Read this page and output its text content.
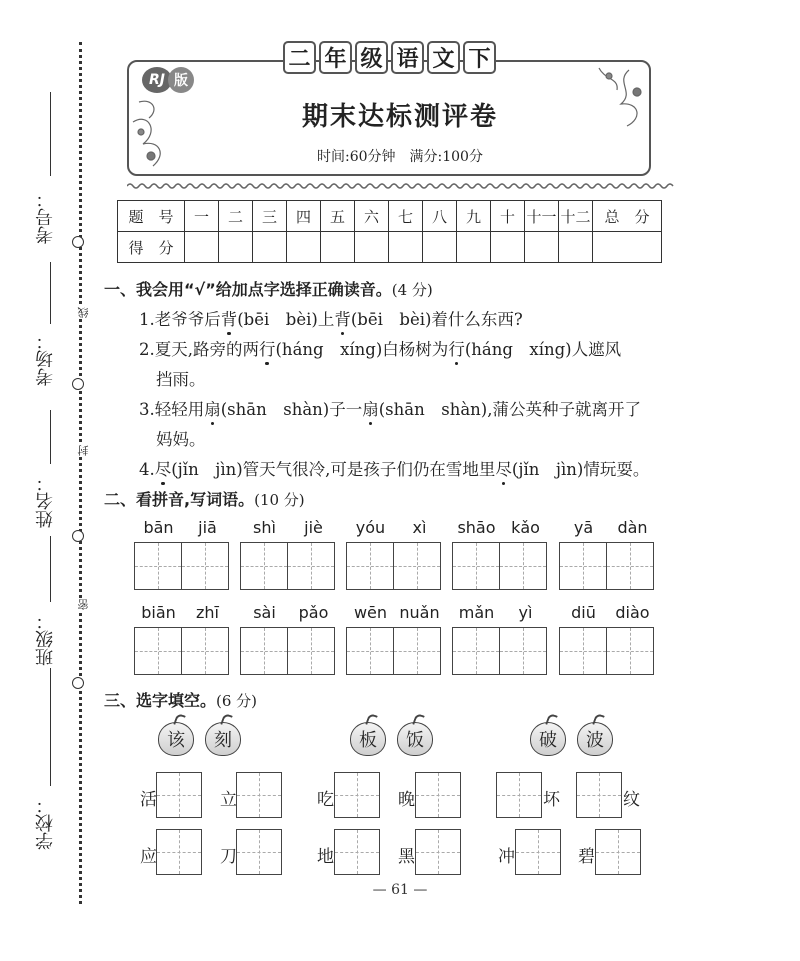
线
封
密
考号：
考场：
姓名：
班级：
学校：
二 年 级 语 文 下
RJ 版
期末达标测评卷
时间:60分钟　满分:100分
题　号	一	二	三	四	五	六	七	八	九	十	十一	十二	总　分
得　分													
一、我会用“√”给加点字选择正确读音。(4 分)
1.老爷爷后背(bēi　bèi)上背(bēi　bèi)着什么东西?
2.夏天,路旁的两行(háng　xíng)白杨树为行(háng　xíng)人遮风
挡雨。
3.轻轻用扇(shān　shàn)子一扇(shān　shàn),蒲公英种子就离开了
妈妈。
4.尽(jǐn　jìn)管天气很冷,可是孩子们仍在雪地里尽(jǐn　jìn)情玩耍。
二、看拼音,写词语。(10 分)
bān	jiā	shì	jiè	yóu	xì	shāo kǎo	yā	dàn
biān	zhī	sài	pǎo	wēn nuǎn	mǎn	yì	diū	diào
三、选字填空。(6 分)
该 刻	板 饭	破 波
活	立
应	刀
吃	晚
地	黑
坏	纹
冲	碧
— 61 —
